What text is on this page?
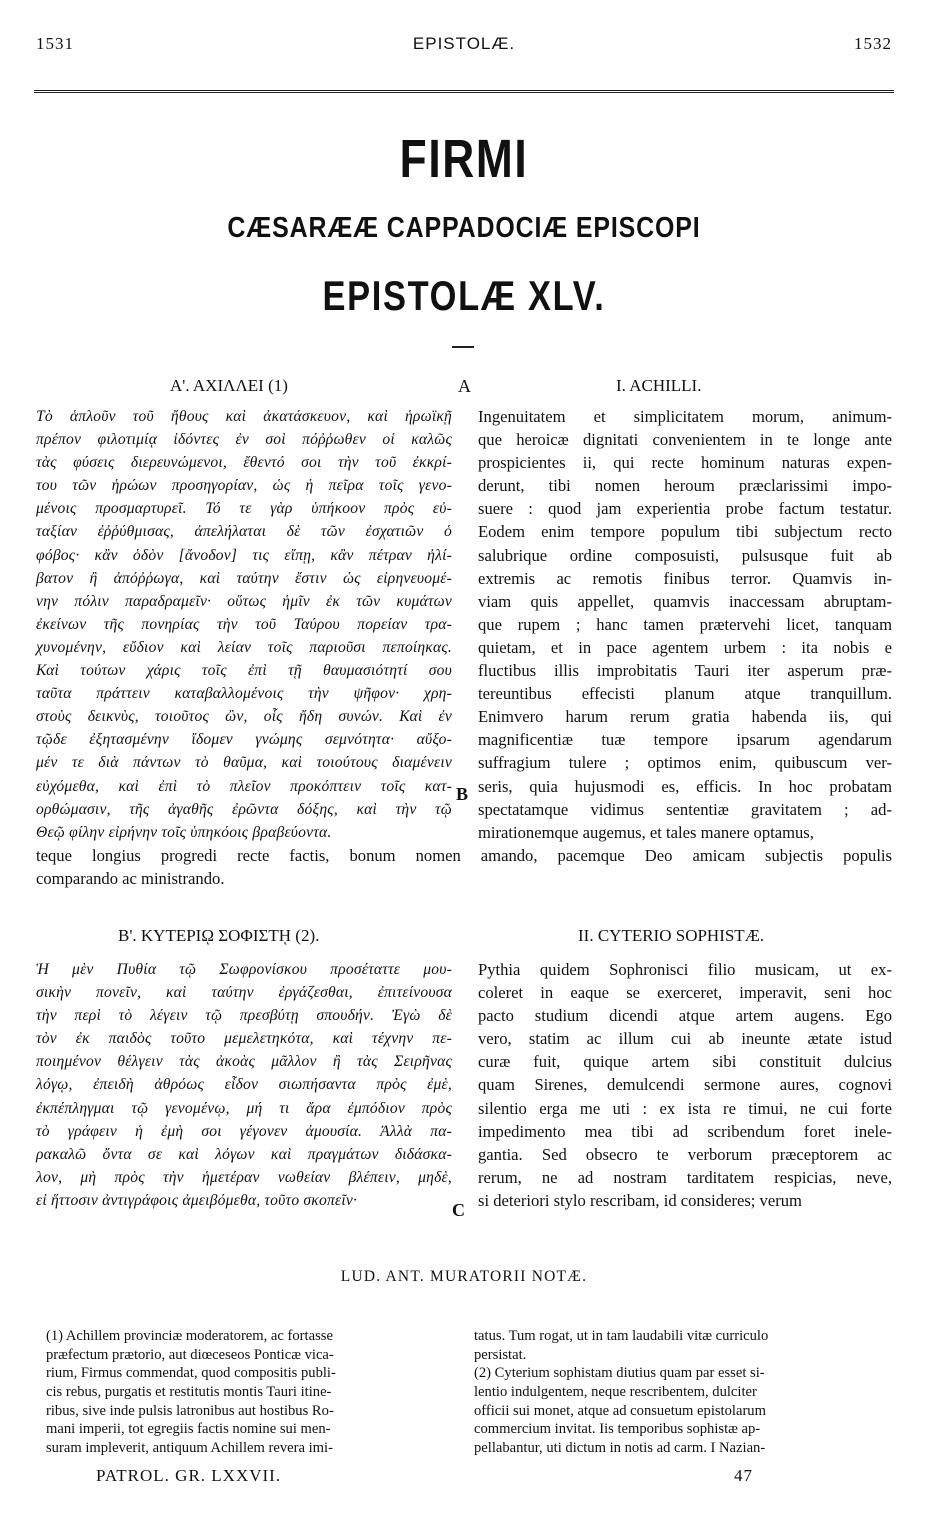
1531	EPISTOLÆ.	1532
FIRMI
CÆSARÆÆ CAPPADOCIÆ EPISCOPI
EPISTOLÆ XLV.
Α'. ΑΧΙΛΛΕΙ (1)	A	I. ACHILLI.
Τὸ ἁπλοῦν τοῦ ἤθους καὶ ἀκατάσκευον, καὶ ἡρωϊκῇ
πρέπον φιλοτιμίᾳ ἰδόντες ἐν σοὶ πόῤῥωθεν οἱ καλῶς
τὰς φύσεις διερευνώμενοι, ἔθεντό σοι τὴν τοῦ ἐκκρί-
του τῶν ἡρώων προσηγορίαν, ὡς ἡ πεῖρα τοῖς γενο-
μένοις προσμαρτυρεῖ. Τό τε γὰρ ὑπήκοον πρὸς εὐ-
ταξίαν ἐῤῥύθμισας, ἀπελήλαται δὲ τῶν ἐσχατιῶν ὁ
φόβος· κἂν ὁδὸν [ἄνοδον] τις εἴπῃ, κἂν πέτραν ἠλί-
βατον ἢ ἀπόῤῥωγα, καὶ ταύτην ἔστιν ὡς εἰρηνευομέ-
νην πόλιν παραδραμεῖν· οὕτως ἡμῖν ἐκ τῶν κυμάτων
ἐκείνων τῆς πονηρίας τὴν τοῦ Ταύρου πορείαν τρα-
χυνομένην, εὔδιον καὶ λείαν τοῖς παριοῦσι πεποίηκας.
Καὶ τούτων χάρις τοῖς ἐπὶ τῇ θαυμασιότητί σου
ταῦτα πράττειν καταβαλλομένοις τὴν ψῆφον· χρη-
στοὺς δεικνὺς, τοιοῦτος ὢν, οἷς ἤδη συνών. Καὶ ἐν
τῷδε ἐξητασμένην ἴδομεν γνώμης σεμνότητα· αὔξο-
μέν τε διὰ πάντων τὸ θαῦμα, καὶ τοιούτους διαμένειν
εὐχόμεθα, καὶ ἐπὶ τὸ πλεῖον προκόπτειν τοῖς κατ-
ορθώμασιν, τῆς ἀγαθῆς ἐρῶντα δόξης, καὶ τὴν τῷ
Θεῷ φίλην εἰρήνην τοῖς ὑπηκόοις βραβεύοντα.
Ingenuitatem et simplicitatem morum, animum-
que heroicæ dignitati convenientem in te longe ante
prospicientes ii, qui recte hominum naturas expen-
derunt, tibi nomen heroum præclarissimi impo-
suere : quod jam experientia probe factum testatur.
Eodem enim tempore populum tibi subjectum recto
salubrique ordine composuisti, pulsusque fuit ab
extremis ac remotis finibus terror. Quamvis in-
viam quis appellet, quamvis inaccessam abruptam-
que rupem ; hanc tamen prætervehi licet, tanquam
quietam, et in pace agentem urbem : ita nobis e
fluctibus illis improbitatis Tauri iter asperum præ-
tereuntibus effecisti planum atque tranquillum.
Enimvero harum rerum gratia habenda iis, qui
magnificentiæ tuæ tempore ipsarum agendarum
suffragium tulere ; optimos enim, quibuscum ver-
seris, quia hujusmodi es, efficis. In hoc probatam
spectatamque vidimus sententiæ gravitatem ; ad-
mirationemque augemus, et tales manere optamus,
B
teque longius progredi recte factis, bonum nomen amando, pacemque Deo amicam subjectis populis
comparando ac ministrando.
Β'. ΚΥΤΕΡΙῼ ΣΟΦΙΣΤῌ (2).	II. CYTERIO SOPHISTÆ.
Ἡ μὲν Πυθία τῷ Σωφρονίσκου προσέταττε μου-
σικὴν πονεῖν, καὶ ταύτην ἐργάζεσθαι, ἐπιτείνουσα
τὴν περὶ τὸ λέγειν τῷ πρεσβύτῃ σπουδήν. Ἐγὼ δὲ
τὸν ἐκ παιδὸς τοῦτο μεμελετηκότα, καὶ τέχνην πε-
ποιημένον θέλγειν τὰς ἀκοὰς μᾶλλον ἢ τὰς Σειρῆνας
λόγῳ, ἐπειδὴ ἀθρόως εἶδον σιωπήσαντα πρὸς ἐμὲ,
ἐκπέπληγμαι τῷ γενομένῳ, μή τι ἄρα ἐμπόδιον πρὸς
τὸ γράφειν ἡ ἐμὴ σοι γέγονεν ἀμουσία. Ἀλλὰ πα-
ρακαλῶ ὄντα σε καὶ λόγων καὶ πραγμάτων διδάσκα-
λον, μὴ πρὸς τὴν ἡμετέραν νωθείαν βλέπειν, μηδὲ,
εἰ ἥττοσιν ἀντιγράφοις ἀμειβόμεθα, τοῦτο σκοπεῖν·
Pythia quidem Sophronisci filio musicam, ut ex-
coleret in eaque se exerceret, imperavit, seni hoc
pacto studium dicendi atque artem augens. Ego
vero, statim ac illum cui ab ineunte ætate istud
curæ fuit, quique artem sibi constituit dulcius
quam Sirenes, demulcendi sermone aures, cognovi
silentio erga me uti : ex ista re timui, ne cui forte
impedimento mea tibi ad scribendum foret inele-
gantia. Sed obsecro te verborum præceptorem ac
rerum, ne ad nostram tarditatem respicias, neve,
si deteriori stylo rescribam, id consideres; verum
C
LUD. ANT. MURATORII NOTÆ.
(1) Achillem provinciæ moderatorem, ac fortasse
præfectum prætorio, aut diœceseos Ponticæ vica-
rium, Firmus commendat, quod compositis publi-
cis rebus, purgatis et restitutis montis Tauri itine-
ribus, sive inde pulsis latronibus aut hostibus Ro-
mani imperii, tot egregiis factis nomine sui men-
suram impleverit, antiquum Achillem revera imi-
tatus. Tum rogat, ut in tam laudabili vitæ curriculo
persistat.
(2) Cyterium sophistam diutius quam par esset si-
lentio indulgentem, neque rescribentem, dulciter
officii sui monet, atque ad consuetum epistolarum
commercium invitat. Iis temporibus sophistæ ap-
pellabantur, uti dictum in notis ad carm. I Nazian-
PATROL. GR. LXXVII.	47
